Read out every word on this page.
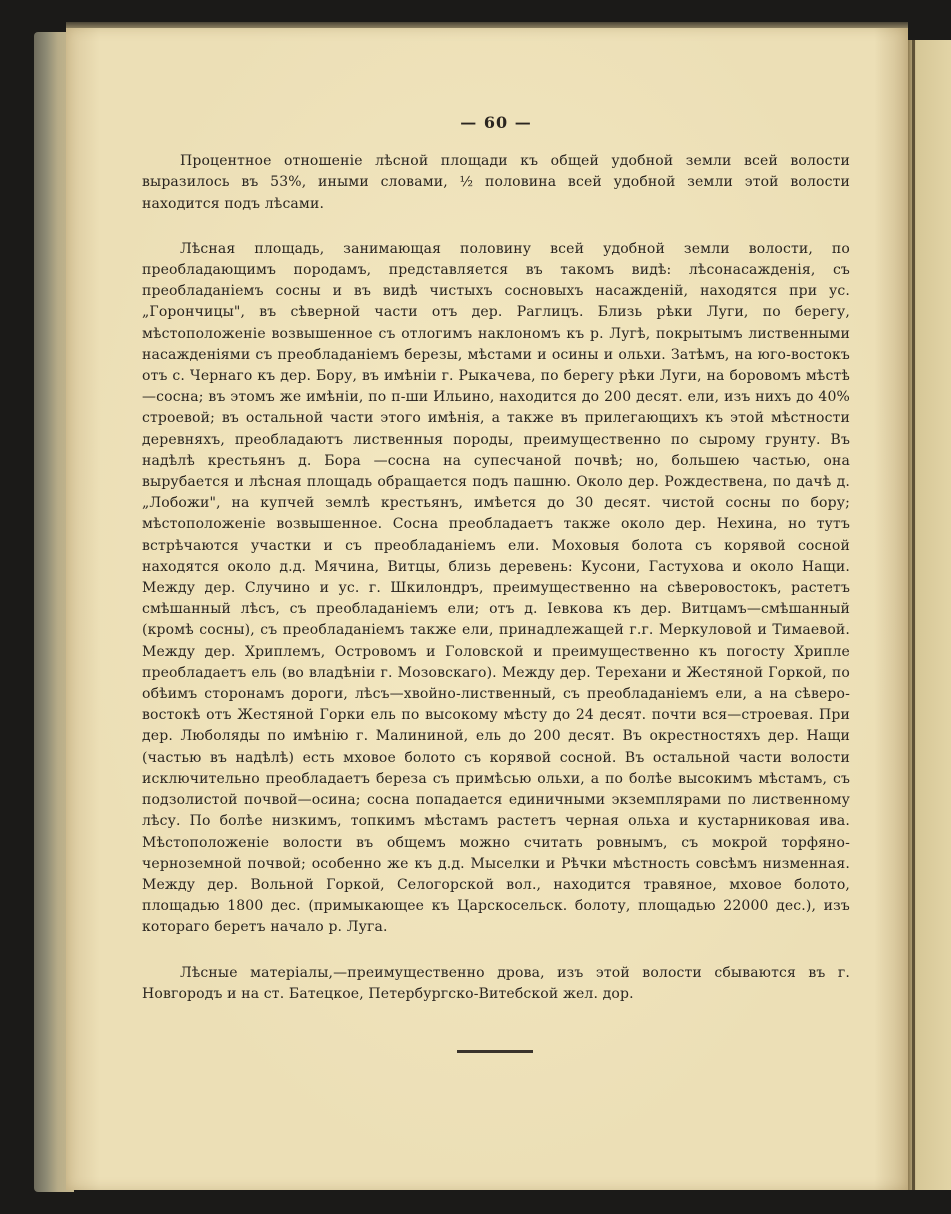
— 60 —

Процентное отношеніе лѣсной площади къ общей удобной земли всей волости выразилось въ 53%, иными словами, ½ половина всей удобной земли этой волости находится подъ лѣсами.

Лѣсная площадь, занимающая половину всей удобной земли волости, по преобладающимъ породамъ, представляется въ такомъ видѣ: лѣсонасажденія, съ преобладаніемъ сосны и въ видѣ чистыхъ сосновыхъ насажденій, находятся при ус. „Горончицы", въ сѣверной части отъ дер. Раглицъ. Близь рѣки Луги, по берегу, мѣстоположеніе возвышенное съ отлогимъ наклономъ къ р. Лугѣ, покрытымъ лиственными насажденіями съ преобладаніемъ березы, мѣстами и осины и ольхи. Затѣмъ, на юго-востокъ отъ с. Чернаго къ дер. Бору, въ имѣніи г. Рыкачева, по берегу рѣки Луги, на боровомъ мѣстѣ—сосна; въ этомъ же имѣніи, по п-ши Ильино, находится до 200 десят. ели, изъ нихъ до 40% строевой; въ остальной части этого имѣнія, а также въ прилегающихъ къ этой мѣстности деревняхъ, преобладаютъ лиственныя породы, преимущественно по сырому грунту. Въ надѣлѣ крестьянъ д. Бора —сосна на супесчаной почвѣ; но, большею частью, она вырубается и лѣсная площадь обращается подъ пашню. Около дер. Рождествена, по дачѣ д. „Лобожи", на купчей землѣ крестьянъ, имѣется до 30 десят. чистой сосны по бору; мѣстоположеніе возвышенное. Сосна преобладаетъ также около дер. Нехина, но тутъ встрѣчаются участки и съ преобладаніемъ ели. Моховыя болота съ корявой сосной находятся около д.д. Мячина, Витцы, близь деревень: Кусони, Гастухова и около Нащи. Между дер. Случино и ус. г. Шкилондръ, преимущественно на сѣверовостокъ, растетъ смѣшанный лѣсъ, съ преобладаніемъ ели; отъ д. Іевкова къ дер. Витцамъ—смѣшанный (кромѣ сосны), съ преобладаніемъ также ели, принадлежащей г.г. Меркуловой и Тимаевой. Между дер. Хриплемъ, Островомъ и Головской и преимущественно къ погосту Хрипле преобладаетъ ель (во владѣніи г. Мозовскаго). Между дер. Терехани и Жестяной Горкой, по обѣимъ сторонамъ дороги, лѣсъ—хвойно-лиственный, съ преобладаніемъ ели, а на сѣверо-востокѣ отъ Жестяной Горки ель по высокому мѣсту до 24 десят. почти вся—строевая. При дер. Люболяды по имѣнію г. Малининой, ель до 200 десят. Въ окрестностяхъ дер. Нащи (частью въ надѣлѣ) есть мховое болото съ корявой сосной. Въ остальной части волости исключительно преобладаетъ береза съ примѣсью ольхи, а по болѣе высокимъ мѣстамъ, съ подзолистой почвой—осина; сосна попадается единичными экземплярами по лиственному лѣсу. По болѣе низкимъ, топкимъ мѣстамъ растетъ черная ольха и кустарниковая ива. Мѣстоположеніе волости въ общемъ можно считать ровнымъ, съ мокрой торфяно-черноземной почвой; особенно же къ д.д. Мыселки и Рѣчки мѣстность совсѣмъ низменная. Между дер. Вольной Горкой, Селогорской вол., находится травяное, мховое болото, площадью 1800 дес. (примыкающее къ Царскосельск. болоту, площадью 22000 дес.), изъ котораго беретъ начало р. Луга.

Лѣсные матеріалы,—преимущественно дрова, изъ этой волости сбываются въ г. Новгородъ и на ст. Батецкое, Петербургско-Витебской жел. дор.
